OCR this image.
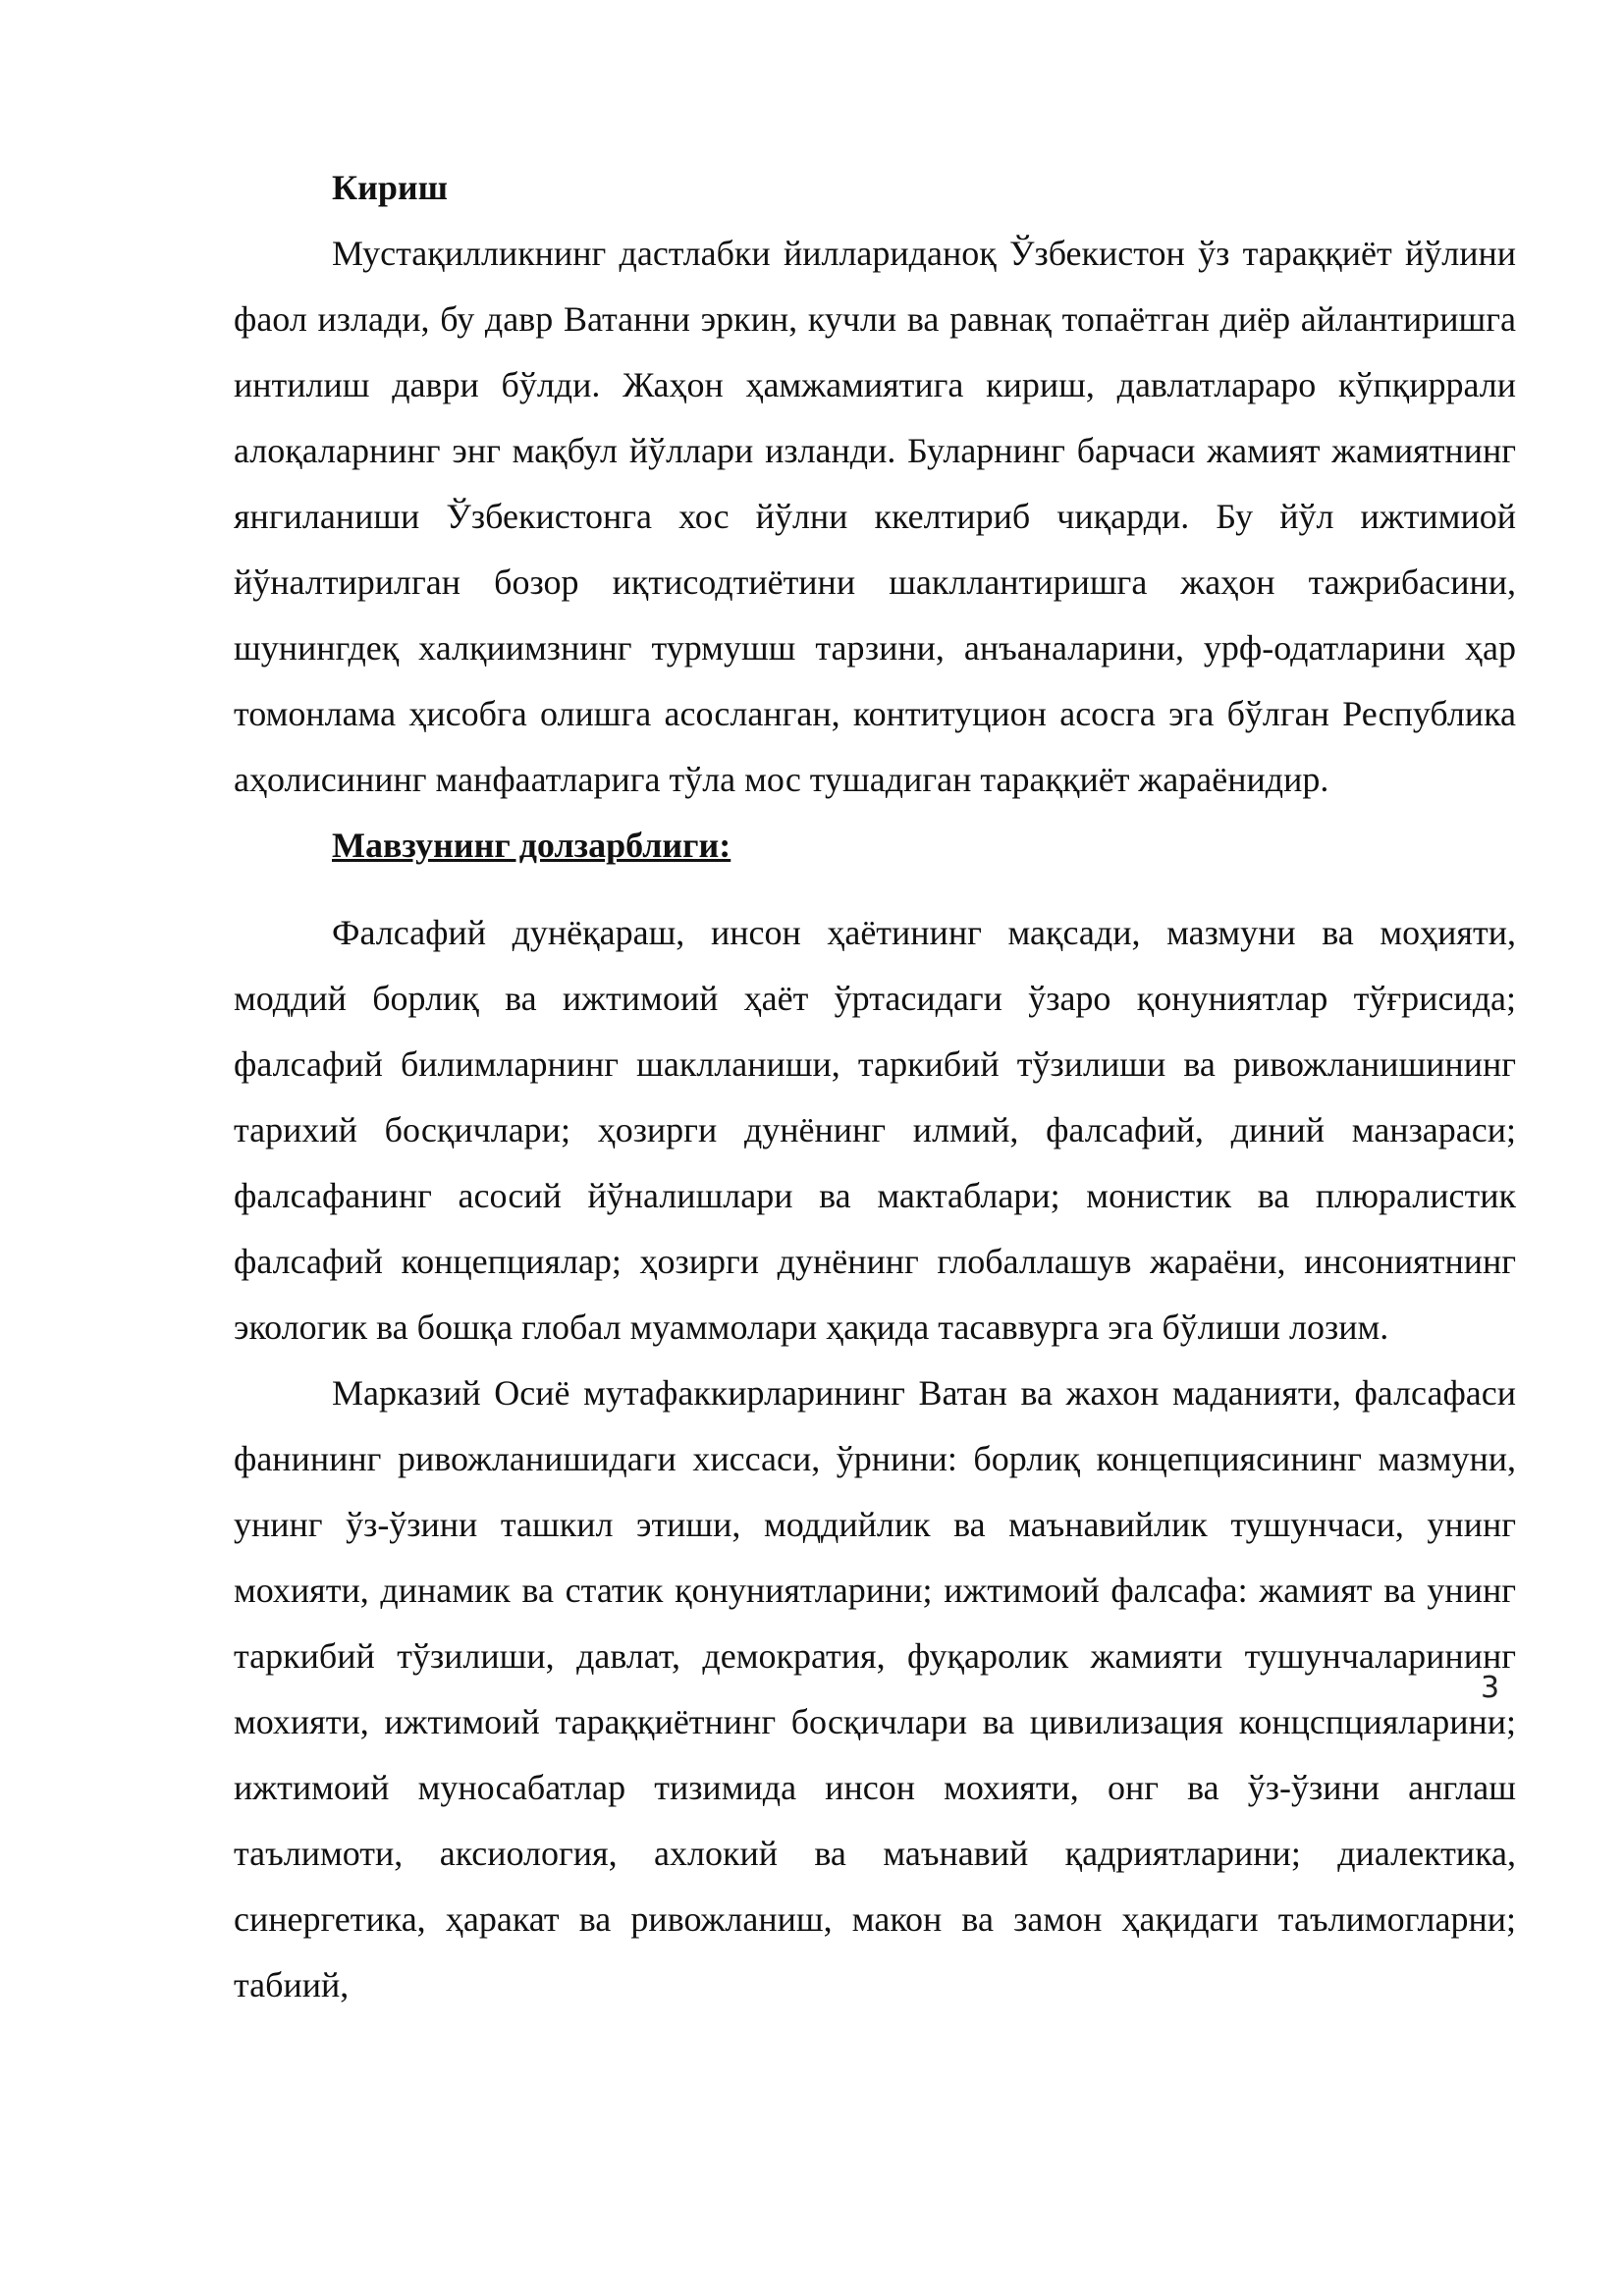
Кириш

Мустақилликнинг дастлабки йиллариданоқ Ўзбекистон ўз тараққиёт йўлини фаол излади, бу давр Ватанни эркин, кучли ва равнақ топаётган диёр айлантиришга интилиш даври бўлди. Жаҳон ҳамжамиятига кириш, давлатлараро кўпқиррали алоқаларнинг энг мақбул йўллари изланди. Буларнинг барчаси жамият жамиятнинг янгиланиши Ўзбекистонга хос йўлни ккелтириб чиқарди. Бу йўл ижтимиой йўналтирилган бозор иқтисодтиётини шакллантиришга жаҳон тажрибасини, шунингдеқ халқиимзнинг турмушш тарзини, анъаналарини, урф-одатларини ҳар томонлама ҳисобга олишга асосланган, контитуцион асосга эга бўлган Республика аҳолисининг манфаатларига тўла мос тушадиган тараққиёт жараёнидир.

Мавзунинг долзарблиги:

Фалсафий дунёқараш, инсон ҳаётининг мақсади, мазмуни ва моҳияти, моддий борлиқ ва ижтимоий ҳаёт ўртасидаги ўзаро қонуниятлар тўғрисида; фалсафий билимларнинг шаклланиши, таркибий тўзилиши ва ривожланишининг тарихий босқичлари; ҳозирги дунёнинг илмий, фалсафий, диний манзараси; фалсафанинг асосий йўналишлари ва мактаблари; монистик ва плюралистик фалсафий концепциялар; ҳозирги дунёнинг глобаллашув жараёни, инсониятнинг экологик ва бошқа глобал муаммолари ҳақида тасаввурга эга бўлиши лозим.

Марказий Осиё мутафаккирларининг Ватан ва жахон маданияти, фалсафаси фанининг ривожланишидаги хиссаси, ўрнини: борлиқ концепциясининг мазмуни, унинг ўз-ўзини ташкил этиши, моддийлик ва маънавийлик тушунчаси, унинг мохияти, динамик ва статик қонуниятларини; ижтимоий фалсафа: жамият ва унинг таркибий тўзилиши, давлат, демократия, фуқаролик жамияти тушунчаларининг мохияти, ижтимоий тараққиётнинг босқичлари ва цивилизация концспцияларини; ижтимоий муносабатлар тизимида инсон мохияти, онг ва ўз-ўзини англаш таълимоти, аксиология, ахлокий ва маънавий қадриятларини; диалектика, синергетика, ҳаракат ва ривожланиш, макон ва замон ҳақидаги таълимогларни; табиий,

3
